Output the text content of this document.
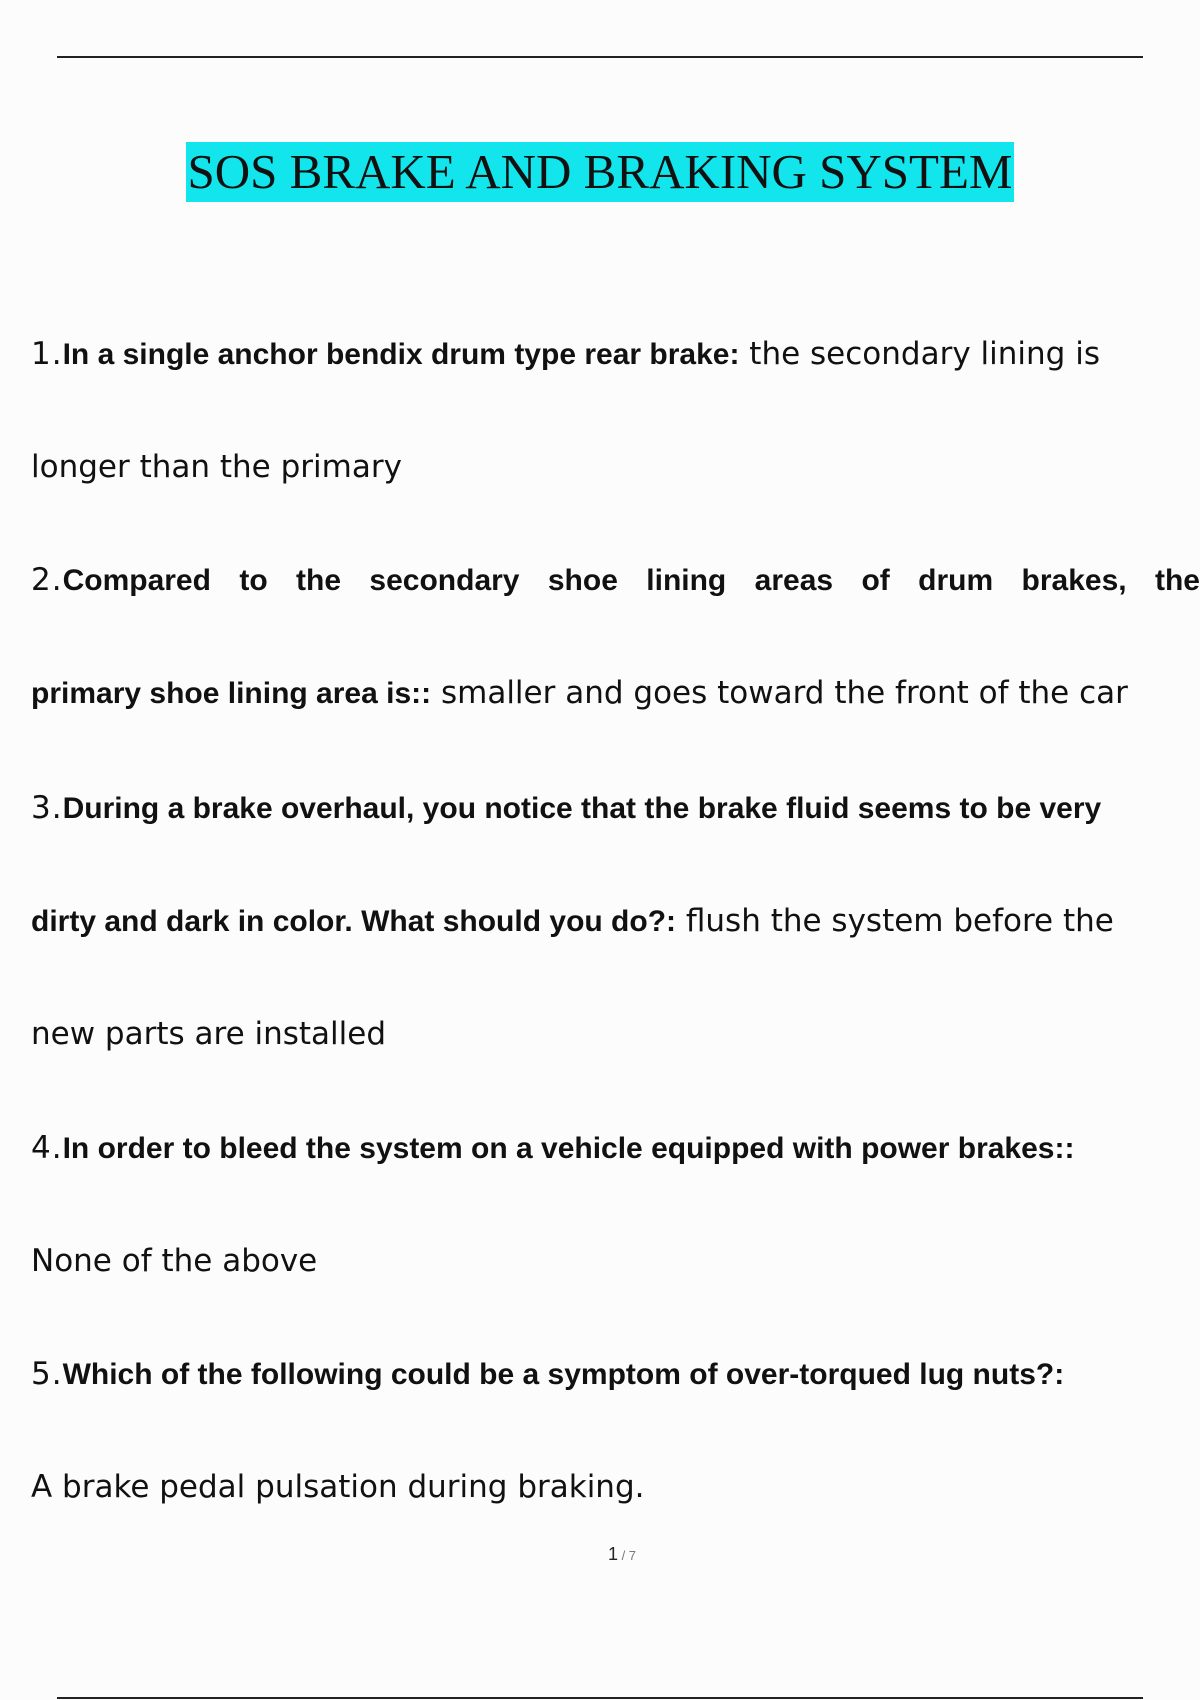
SOS BRAKE AND BRAKING SYSTEM
1.In a single anchor bendix drum type rear brake: the secondary lining is
longer than the primary
2.Compared to the secondary shoe lining areas of drum brakes, the
primary shoe lining area is:: smaller and goes toward the front of the car
3.During a brake overhaul, you notice that the brake fluid seems to be very
dirty and dark in color. What should you do?: flush the system before the
new parts are installed
4.In order to bleed the system on a vehicle equipped with power brakes::
None of the above
5.Which of the following could be a symptom of over-torqued lug nuts?:
A brake pedal pulsation during braking.
1 / 7
